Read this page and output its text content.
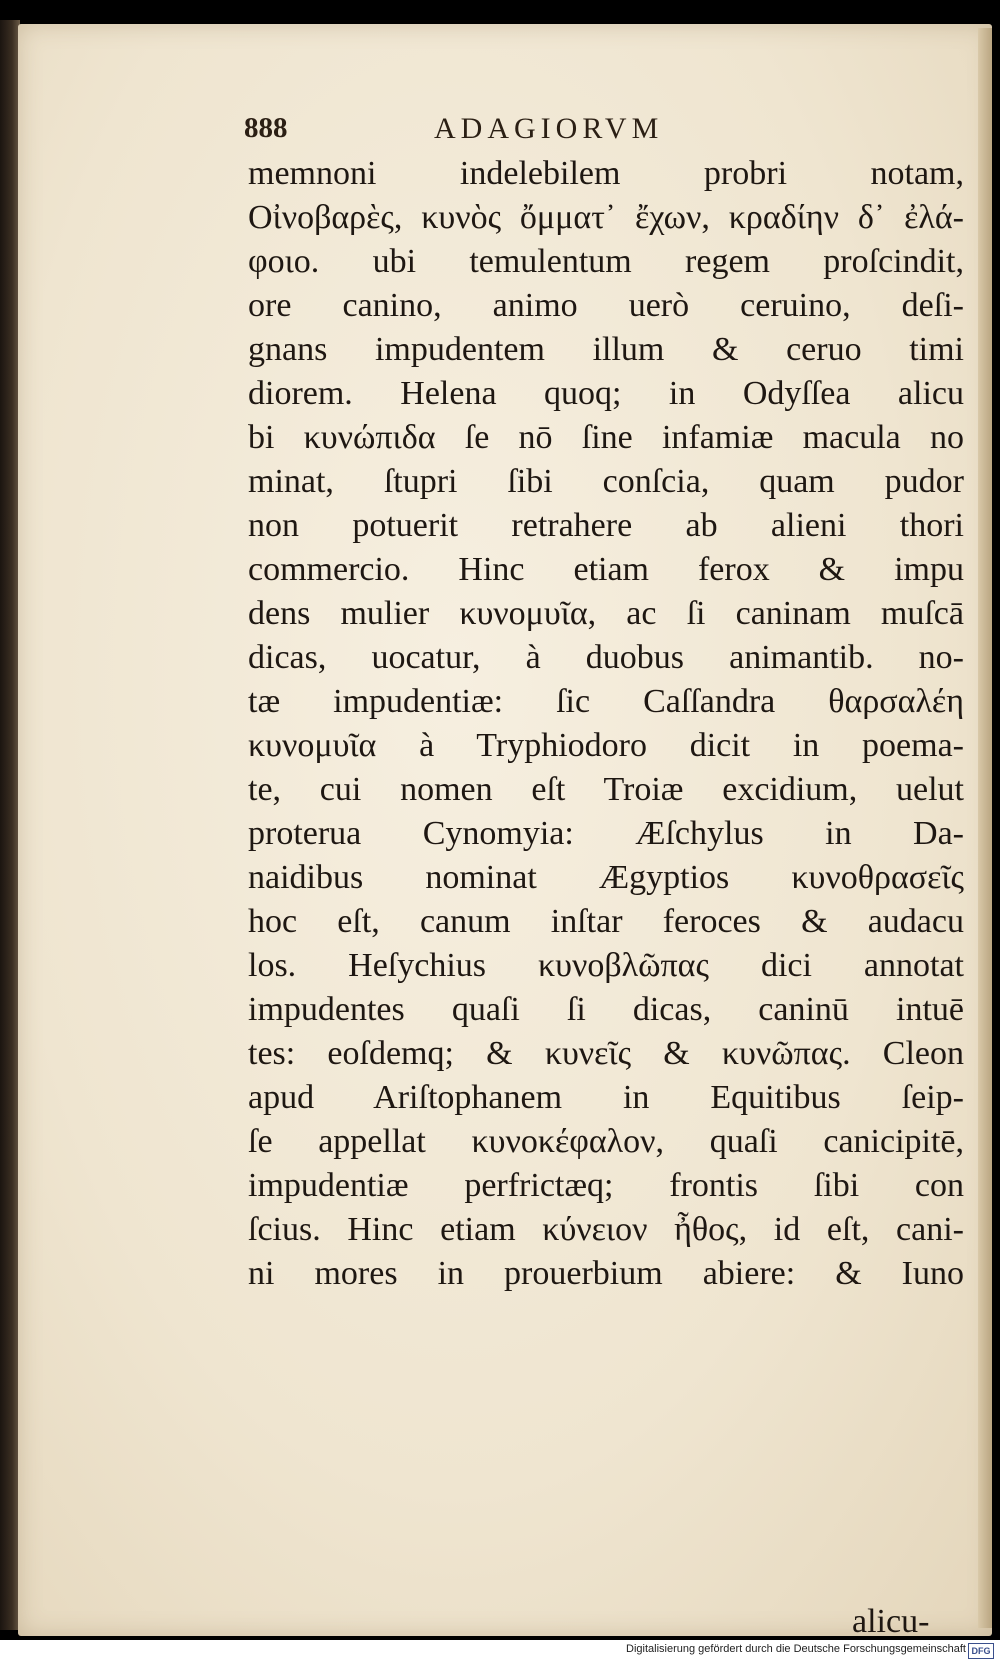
888	ADAGIORVM
memnoni indelebilem probri notam,
Οἰνοβαρὲς, κυνὸς ὄμματ᾽ ἔχων, κραδίην δ᾽ ἐλά-
φοιο. ubi temulentum regem proſcindit,
ore canino, animo uerò ceruino, deſi-
gnans impudentem illum & ceruo timi
diorem. Helena quoq; in Odyſſea alicu
bi κυνώπιδα ſe nō ſine infamiæ macula no
minat, ſtupri ſibi conſcia, quam pudor
non potuerit retrahere ab alieni thori
commercio. Hinc etiam ferox & impu
dens mulier κυνομυῖα, ac ſi caninam muſcā
dicas, uocatur, à duobus animantib. no-
tæ impudentiæ: ſic Caſſandra θαρσαλέη
κυνομυῖα à Tryphiodoro dicit in poema-
te, cui nomen eſt Troiæ excidium, uelut
proterua Cynomyia: Æſchylus in Da-
naidibus nominat Ægyptios κυνοθρασεῖς
hoc eſt, canum inſtar feroces & audacu
los. Heſychius κυνοβλῶπας dici annotat
impudentes quaſi ſi dicas, caninū intuē
tes: eoſdemq; & κυνεῖς & κυνῶπας. Cleon
apud Ariſtophanem in Equitibus ſeip-
ſe appellat κυνοκέφαλον, quaſi canicipitē,
impudentiæ perfrictæq; frontis ſibi con
ſcius. Hinc etiam κύνειον ἦθος, id eſt, cani-
ni mores in prouerbium abiere: & Iuno
alicu-
Digitalisierung gefördert durch die Deutsche Forschungsgemeinschaft DFG
